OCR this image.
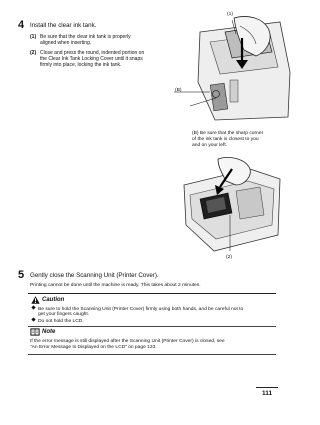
4 Install the clear ink tank.
(1) Be sure that the clear ink tank is properly
aligned when inserting.
(2) Close and press the round, indented portion on
the Clear Ink Tank Locking Cover until it snaps
firmly into place, locking the ink tank.
(1)
(B)
(B) Be sure that the sharp corner
of the ink tank is closest to you
and on your left.
(2)
5 Gently close the Scanning Unit (Printer Cover).
Printing cannot be done until the machine is ready. This takes about 2 minutes.
Caution
Be sure to hold the Scanning Unit (Printer Cover) firmly using both hands, and be careful not to
get your fingers caught.
Do not hold the LCD.
Note
If the error message is still displayed after the Scanning Unit (Printer Cover) is closed, see
“An Error Message Is Displayed on the LCD” on page 133.
111
